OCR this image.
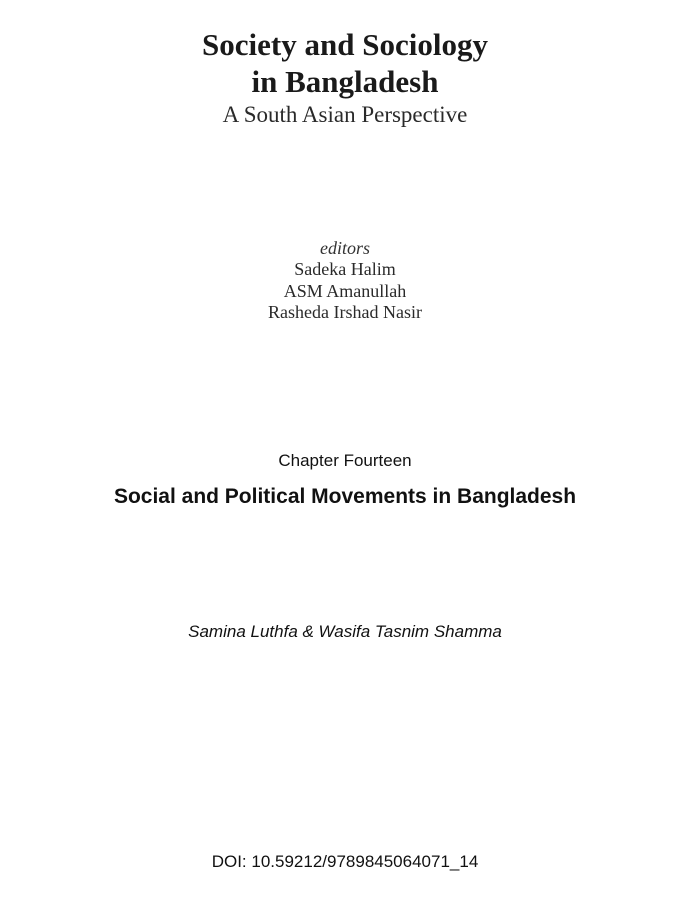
Society and Sociology
in Bangladesh

A South Asian Perspective

editors

Sadeka Halim

ASM Amanullah

Rasheda Irshad Nasir

Chapter Fourteen

Social and Political Movements in Bangladesh

Samina Luthfa & Wasifa Tasnim Shamma

DOI: 10.59212/9789845064071_14
